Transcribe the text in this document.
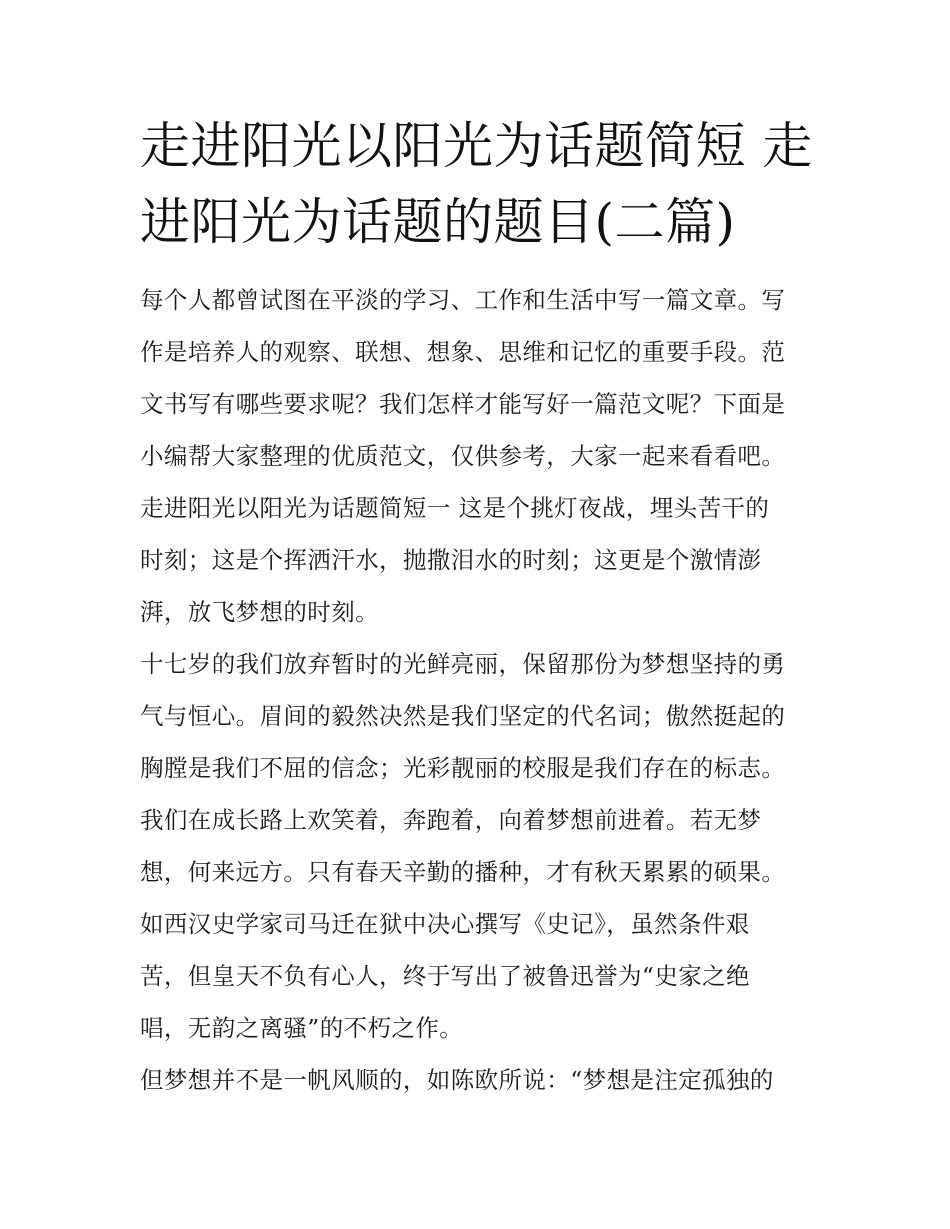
走进阳光以阳光为话题简短 走
进阳光为话题的题目(二篇)
每个人都曾试图在平淡的学习、工作和生活中写一篇文章。写
作是培养人的观察、联想、想象、思维和记忆的重要手段。范
文书写有哪些要求呢？我们怎样才能写好一篇范文呢？下面是
小编帮大家整理的优质范文，仅供参考，大家一起来看看吧。
走进阳光以阳光为话题简短一 这是个挑灯夜战，埋头苦干的
时刻；这是个挥洒汗水，抛撒泪水的时刻；这更是个激情澎
湃，放飞梦想的时刻。
十七岁的我们放弃暂时的光鲜亮丽，保留那份为梦想坚持的勇
气与恒心。眉间的毅然决然是我们坚定的代名词；傲然挺起的
胸膛是我们不屈的信念；光彩靓丽的校服是我们存在的标志。
我们在成长路上欢笑着，奔跑着，向着梦想前进着。若无梦
想，何来远方。只有春天辛勤的播种，才有秋天累累的硕果。
如西汉史学家司马迁在狱中决心撰写《史记》，虽然条件艰
苦，但皇天不负有心人，终于写出了被鲁迅誉为“史家之绝
唱，无韵之离骚”的不朽之作。
但梦想并不是一帆风顺的，如陈欧所说：“梦想是注定孤独的
